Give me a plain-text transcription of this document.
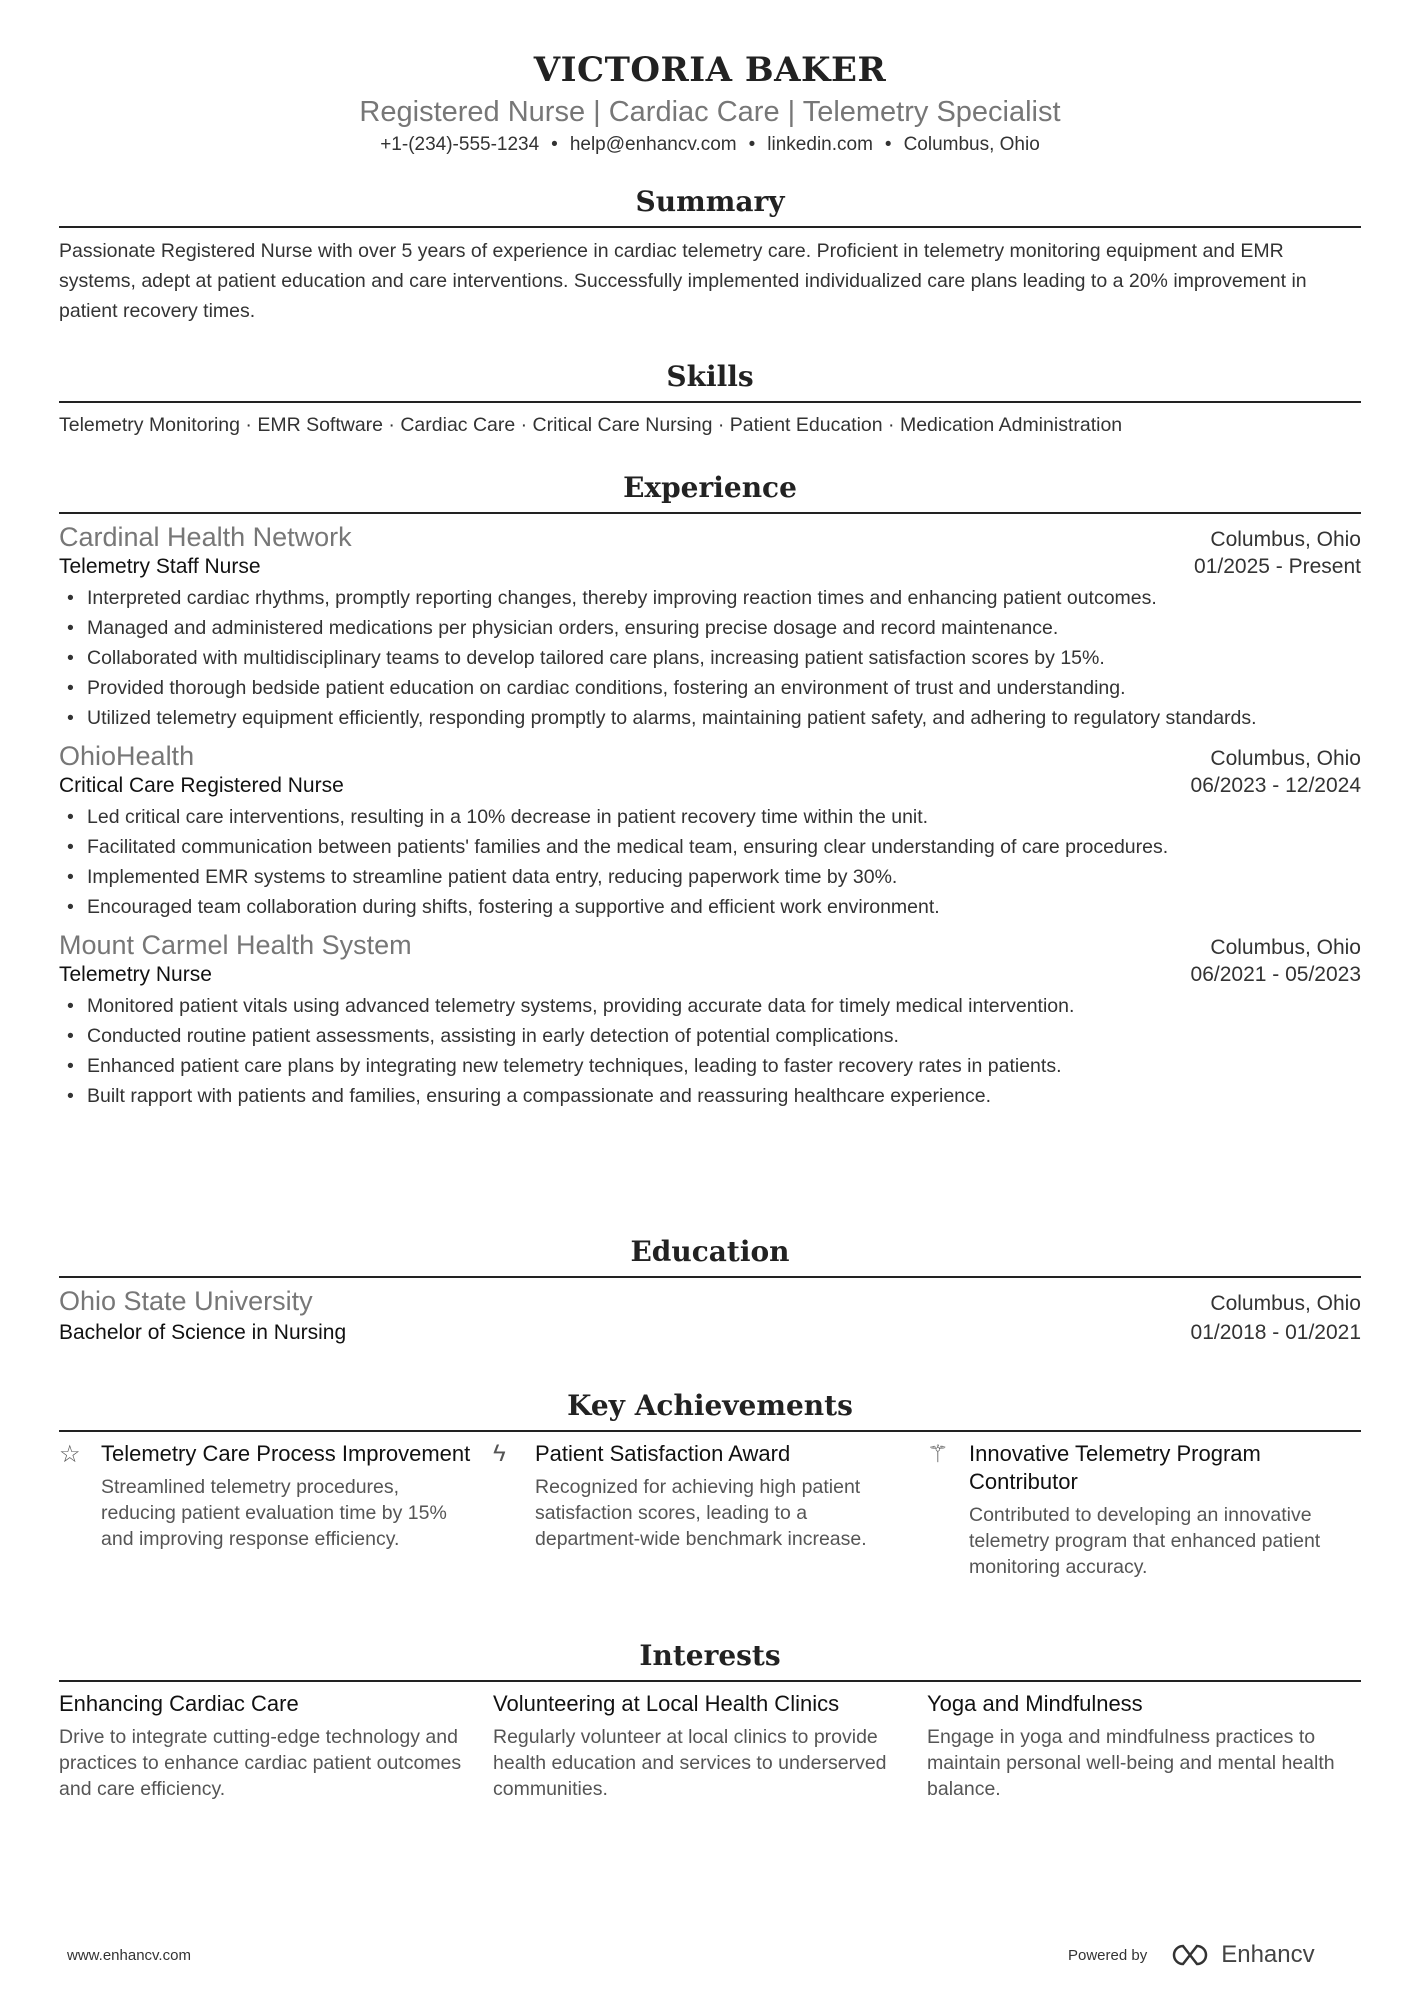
VICTORIA BAKER
Registered Nurse | Cardiac Care | Telemetry Specialist
+1-(234)-555-1234 • help@enhancv.com • linkedin.com • Columbus, Ohio
Summary

Passionate Registered Nurse with over 5 years of experience in cardiac telemetry care. Proficient in telemetry monitoring equipment and EMR systems, adept at patient education and care interventions. Successfully implemented individualized care plans leading to a 20% improvement in patient recovery times.

Skills

Telemetry Monitoring · EMR Software · Cardiac Care · Critical Care Nursing · Patient Education · Medication Administration

Experience
Cardinal Health Network	Columbus, Ohio
Telemetry Staff Nurse	01/2025 - Present
• Interpreted cardiac rhythms, promptly reporting changes, thereby improving reaction times and enhancing patient outcomes.
• Managed and administered medications per physician orders, ensuring precise dosage and record maintenance.
• Collaborated with multidisciplinary teams to develop tailored care plans, increasing patient satisfaction scores by 15%.
• Provided thorough bedside patient education on cardiac conditions, fostering an environment of trust and understanding.
• Utilized telemetry equipment efficiently, responding promptly to alarms, maintaining patient safety, and adhering to regulatory standards.
OhioHealth	Columbus, Ohio
Critical Care Registered Nurse	06/2023 - 12/2024
• Led critical care interventions, resulting in a 10% decrease in patient recovery time within the unit.
• Facilitated communication between patients' families and the medical team, ensuring clear understanding of care procedures.
• Implemented EMR systems to streamline patient data entry, reducing paperwork time by 30%.
• Encouraged team collaboration during shifts, fostering a supportive and efficient work environment.
Mount Carmel Health System	Columbus, Ohio
Telemetry Nurse	06/2021 - 05/2023
• Monitored patient vitals using advanced telemetry systems, providing accurate data for timely medical intervention.
• Conducted routine patient assessments, assisting in early detection of potential complications.
• Enhanced patient care plans by integrating new telemetry techniques, leading to faster recovery rates in patients.
• Built rapport with patients and families, ensuring a compassionate and reassuring healthcare experience.
Education
Ohio State University	Columbus, Ohio
Bachelor of Science in Nursing	01/2018 - 01/2021
Key Achievements
☆ Telemetry Care Process Improvement
Streamlined telemetry procedures, reducing patient evaluation time by 15% and improving response efficiency.
ϟ	Patient Satisfaction Award
Recognized for achieving high patient satisfaction scores, leading to a department-wide benchmark increase.
⚚ Innovative Telemetry Program Contributor
Contributed to developing an innovative telemetry program that enhanced patient monitoring accuracy.
Interests
Enhancing Cardiac Care
Drive to integrate cutting-edge technology and practices to enhance cardiac patient outcomes and care efficiency.
Volunteering at Local Health Clinics
Regularly volunteer at local clinics to provide health education and services to underserved communities.
Yoga and Mindfulness
Engage in yoga and mindfulness practices to maintain personal well-being and mental health balance.
www.enhancv.com	Powered by	Enhancv
